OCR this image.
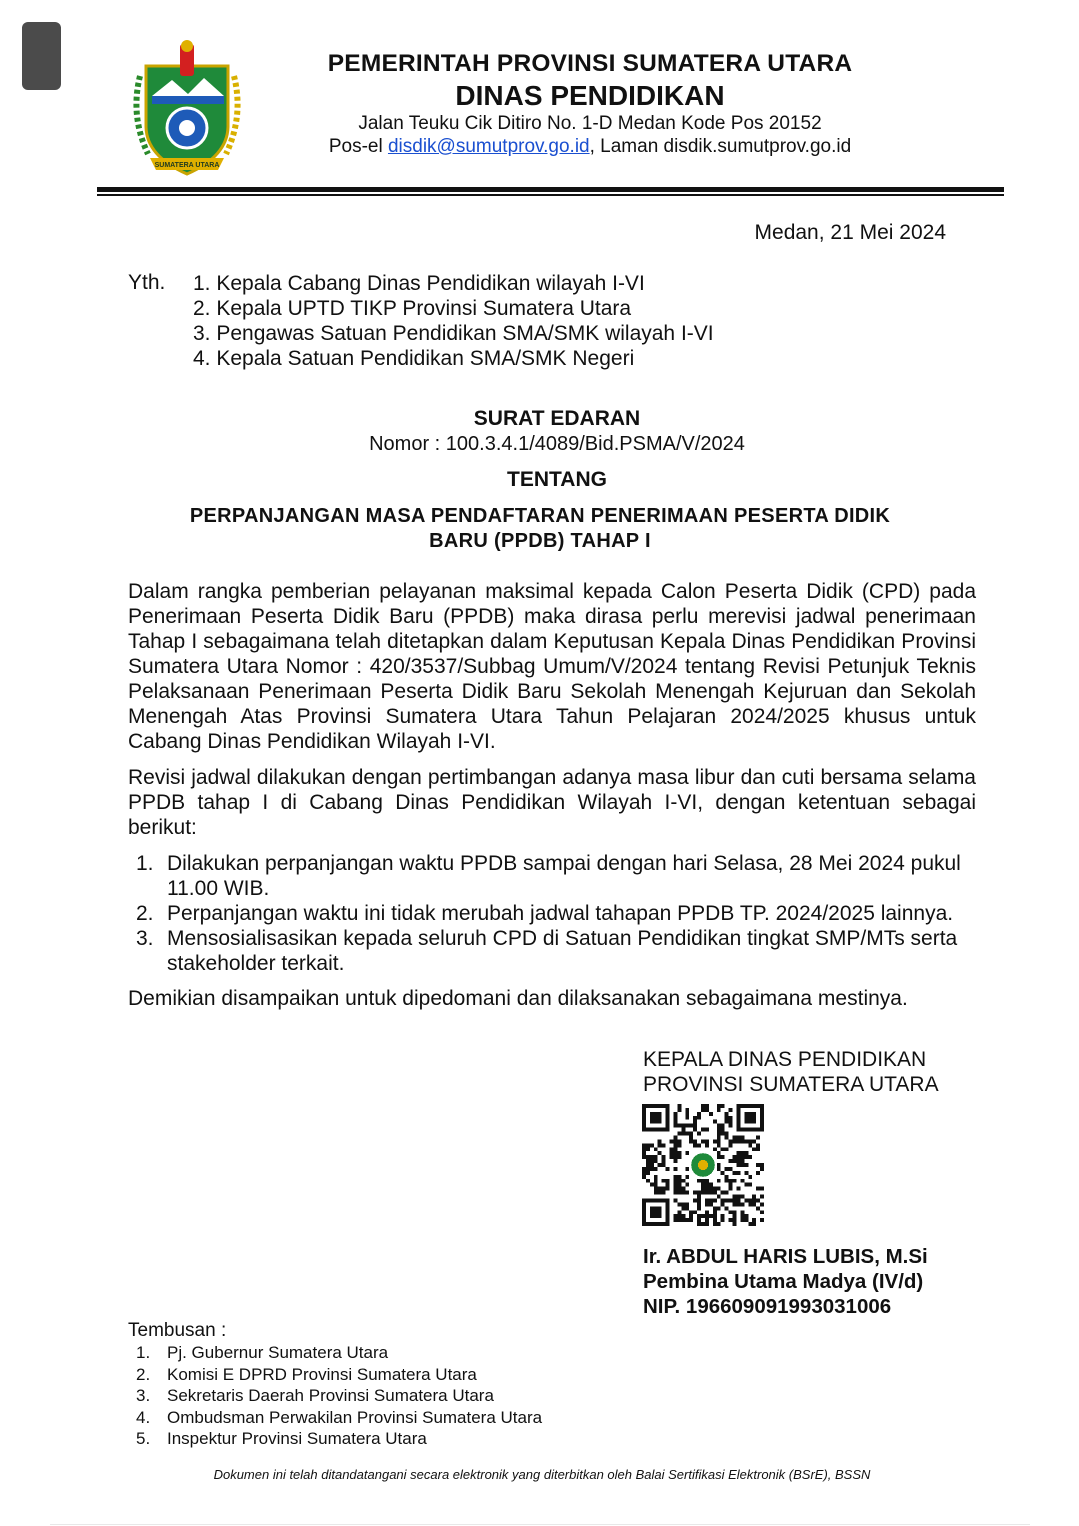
SUMATERA UTARA
PEMERINTAH PROVINSI SUMATERA UTARA
DINAS PENDIDIKAN
Jalan Teuku Cik Ditiro No. 1-D Medan Kode Pos 20152
Pos-el disdik@sumutprov.go.id, Laman disdik.sumutprov.go.id
Medan, 21 Mei 2024
Yth. 1. Kepala Cabang Dinas Pendidikan wilayah I-VI
2. Kepala UPTD TIKP Provinsi Sumatera Utara
3. Pengawas Satuan Pendidikan SMA/SMK wilayah I-VI
4. Kepala Satuan Pendidikan SMA/SMK Negeri
SURAT EDARAN
Nomor : 100.3.4.1/4089/Bid.PSMA/V/2024
TENTANG
PERPANJANGAN MASA PENDAFTARAN PENERIMAAN PESERTA DIDIK
BARU (PPDB) TAHAP I
Dalam rangka pemberian pelayanan maksimal kepada Calon Peserta Didik (CPD) pada Penerimaan Peserta Didik Baru (PPDB) maka dirasa perlu merevisi jadwal penerimaan Tahap I sebagaimana telah ditetapkan dalam Keputusan Kepala Dinas Pendidikan Provinsi Sumatera Utara Nomor : 420/3537/Subbag Umum/V/2024 tentang Revisi Petunjuk Teknis Pelaksanaan Penerimaan Peserta Didik Baru Sekolah Menengah Kejuruan dan Sekolah Menengah Atas Provinsi Sumatera Utara Tahun Pelajaran 2024/2025 khusus untuk Cabang Dinas Pendidikan Wilayah I-VI.
Revisi jadwal dilakukan dengan pertimbangan adanya masa libur dan cuti bersama selama PPDB tahap I di Cabang Dinas Pendidikan Wilayah I-VI, dengan ketentuan sebagai berikut:
1. Dilakukan perpanjangan waktu PPDB sampai dengan hari Selasa, 28 Mei 2024 pukul 11.00 WIB.
2. Perpanjangan waktu ini tidak merubah jadwal tahapan PPDB TP. 2024/2025 lainnya.
3. Mensosialisasikan kepada seluruh CPD di Satuan Pendidikan tingkat SMP/MTs serta stakeholder terkait.
Demikian disampaikan untuk dipedomani dan dilaksanakan sebagaimana mestinya.
KEPALA DINAS PENDIDIKAN
PROVINSI SUMATERA UTARA
Ir. ABDUL HARIS LUBIS, M.Si
Pembina Utama Madya (IV/d)
NIP. 196609091993031006
Tembusan :
1. Pj. Gubernur Sumatera Utara
2. Komisi E DPRD Provinsi Sumatera Utara
3. Sekretaris Daerah Provinsi Sumatera Utara
4. Ombudsman Perwakilan Provinsi Sumatera Utara
5. Inspektur Provinsi Sumatera Utara
Dokumen ini telah ditandatangani secara elektronik yang diterbitkan oleh Balai Sertifikasi Elektronik (BSrE), BSSN
